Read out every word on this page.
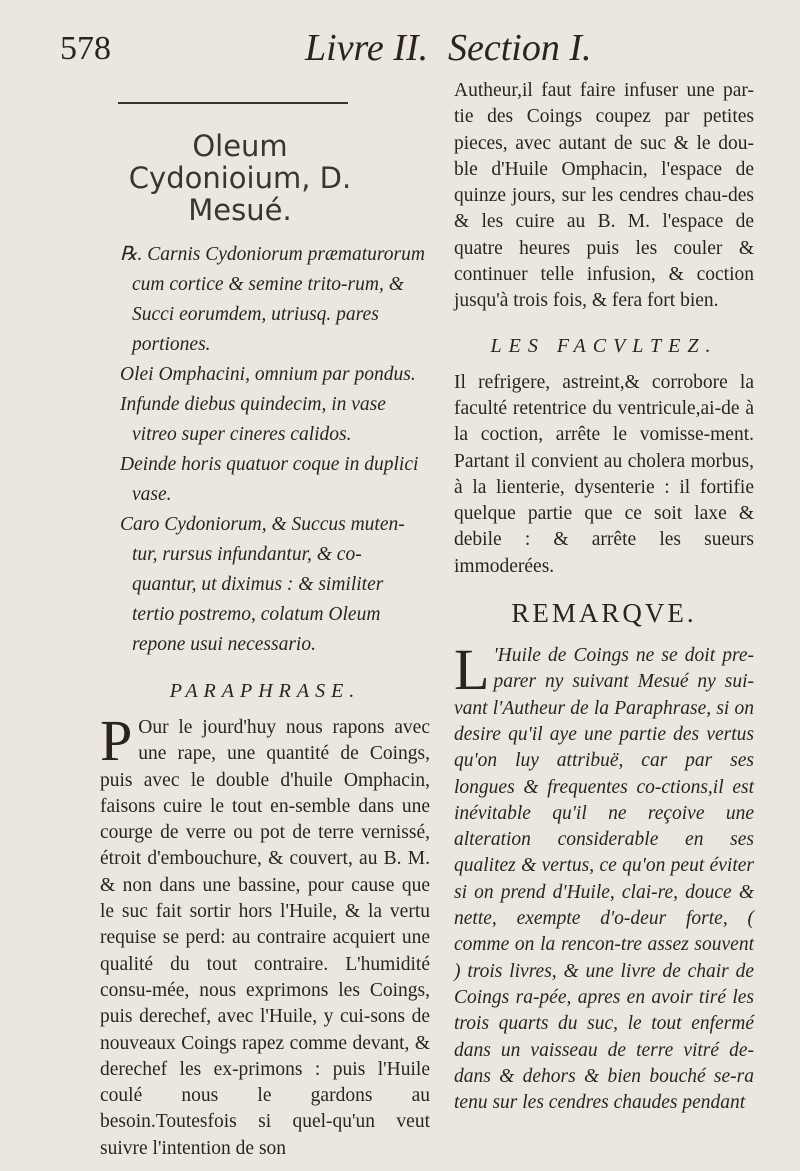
578	Livre II. Section I.
Oleum Cydonioium, D. Mesué.

℞. Carnis Cydoniorum præmaturorum cum cortice & semine trito-rum, & Succi eorumdem, utriusq. pares portiones.

Olei Omphacini, omnium par pondus.

Infunde diebus quindecim, in vase vitreo super cineres calidos.

Deinde horis quatuor coque in duplici vase.

Caro Cydoniorum, & Succus muten-tur, rursus infundantur, & co-quantur, ut diximus : & similiter tertio postremo, colatum Oleum repone usui necessario.

PARAPHRASE.
P Our le jourd'huy nous rapons avec une rape, une quantité de Coings, puis avec le double d'huile Omphacin, faisons cuire le tout en-semble dans une courge de verre ou pot de terre vernissé, étroit d'embouchure, & couvert, au B. M. & non dans une bassine, pour cause que le suc fait sortir hors l'Huile, & la vertu requise se perd: au contraire acquiert une qualité du tout contraire. L'humidité consu-mée, nous exprimons les Coings, puis derechef, avec l'Huile, y cui-sons de nouveaux Coings rapez comme devant, & derechef les ex-primons : puis l'Huile coulé nous le gardons au besoin.Toutesfois si quel-qu'un veut suivre l'intention de son
Autheur,il faut faire infuser une par-tie des Coings coupez par petites pieces, avec autant de suc & le dou-ble d'Huile Omphacin, l'espace de quinze jours, sur les cendres chau-des & les cuire au B. M. l'espace de quatre heures puis les couler & continuer telle infusion, & coction jusqu'à trois fois, & fera fort bien.
LES FACVLTEZ.
Il refrigere, astreint,& corrobore la faculté retentrice du ventricule,ai-de à la coction, arrête le vomisse-ment. Partant il convient au cholera morbus, à la lienterie, dysenterie : il fortifie quelque partie que ce soit laxe & debile : & arrête les sueurs immoderées.
REMARQVE.
L 'Huile de Coings ne se doit pre-parer ny suivant Mesué ny sui-vant l'Autheur de la Paraphrase, si on desire qu'il aye une partie des vertus qu'on luy attribuë, car par ses longues & frequentes co-ctions,il est inévitable qu'il ne reçoive une alteration considerable en ses qualitez & vertus, ce qu'on peut éviter si on prend d'Huile, clai-re, douce & nette, exempte d'o-deur forte, ( comme on la rencon-tre assez souvent ) trois livres, & une livre de chair de Coings ra-pée, apres en avoir tiré les trois quarts du suc, le tout enfermé dans un vaisseau de terre vitré de-dans & dehors & bien bouché se-ra tenu sur les cendres chaudes pendant
